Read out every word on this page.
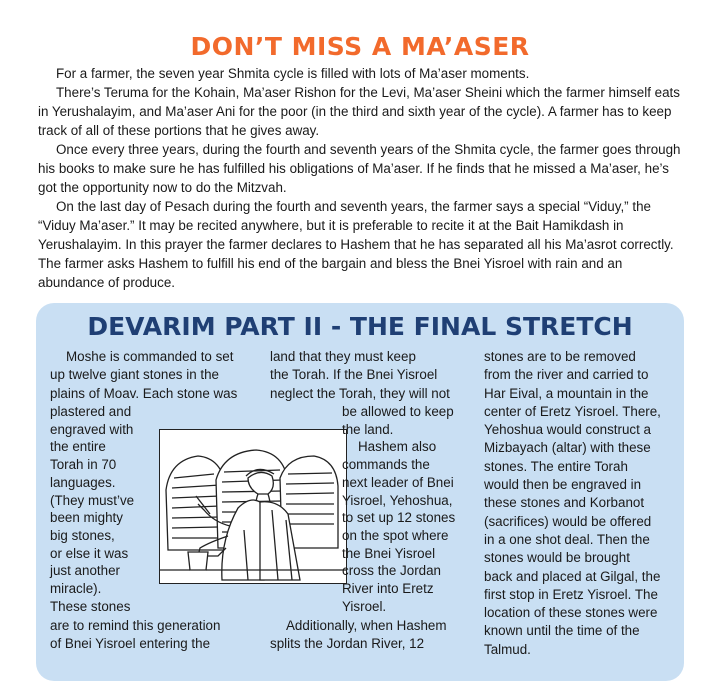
DON’T MISS A MA’ASER

For a farmer, the seven year Shmita cycle is filled with lots of Ma’aser moments.

There’s Teruma for the Kohain, Ma’aser Rishon for the Levi, Ma’aser Sheini which the farmer himself eats in Yerushalayim, and Ma’aser Ani for the poor (in the third and sixth year of the cycle). A farmer has to keep track of all of these portions that he gives away.

Once every three years, during the fourth and seventh years of the Shmita cycle, the farmer goes through his books to make sure he has fulfilled his obligations of Ma’aser. If he finds that he missed a Ma’aser, he’s got the opportunity now to do the Mitzvah.

On the last day of Pesach during the fourth and seventh years, the farmer says a special “Viduy,” the “Viduy Ma’aser.” It may be recited anywhere, but it is preferable to recite it at the Bait Hamikdash in Yerushalayim. In this prayer the farmer declares to Hashem that he has separated all his Ma’asrot correctly. The farmer asks Hashem to fulfill his end of the bargain and bless the Bnei Yisroel with rain and an abundance of produce.

DEVARIM PART II - THE FINAL STRETCH

Moshe is commanded to set

up twelve giant stones in the

plains of Moav. Each stone was

plastered and

engraved with

the entire

Torah in 70

languages.

(They must’ve

been mighty

big stones,

or else it was

just another

miracle).

These stones

are to remind this generation

of Bnei Yisroel entering the

land that they must keep

the Torah. If the Bnei Yisroel

neglect the Torah, they will not

be allowed to keep

the land.

Hashem also

commands the

next leader of Bnei

Yisroel, Yehoshua,

to set up 12 stones

on the spot where

the Bnei Yisroel

cross the Jordan

River into Eretz

Yisroel.

Additionally, when Hashem

splits the Jordan River, 12

stones are to be removed

from the river and carried to

Har Eival, a mountain in the

center of Eretz Yisroel. There,

Yehoshua would construct a

Mizbayach (altar) with these

stones. The entire Torah

would then be engraved in

these stones and Korbanot

(sacrifices) would be offered

in a one shot deal. Then the

stones would be brought

back and placed at Gilgal, the

first stop in Eretz Yisroel. The

location of these stones were

known until the time of the

Talmud.
